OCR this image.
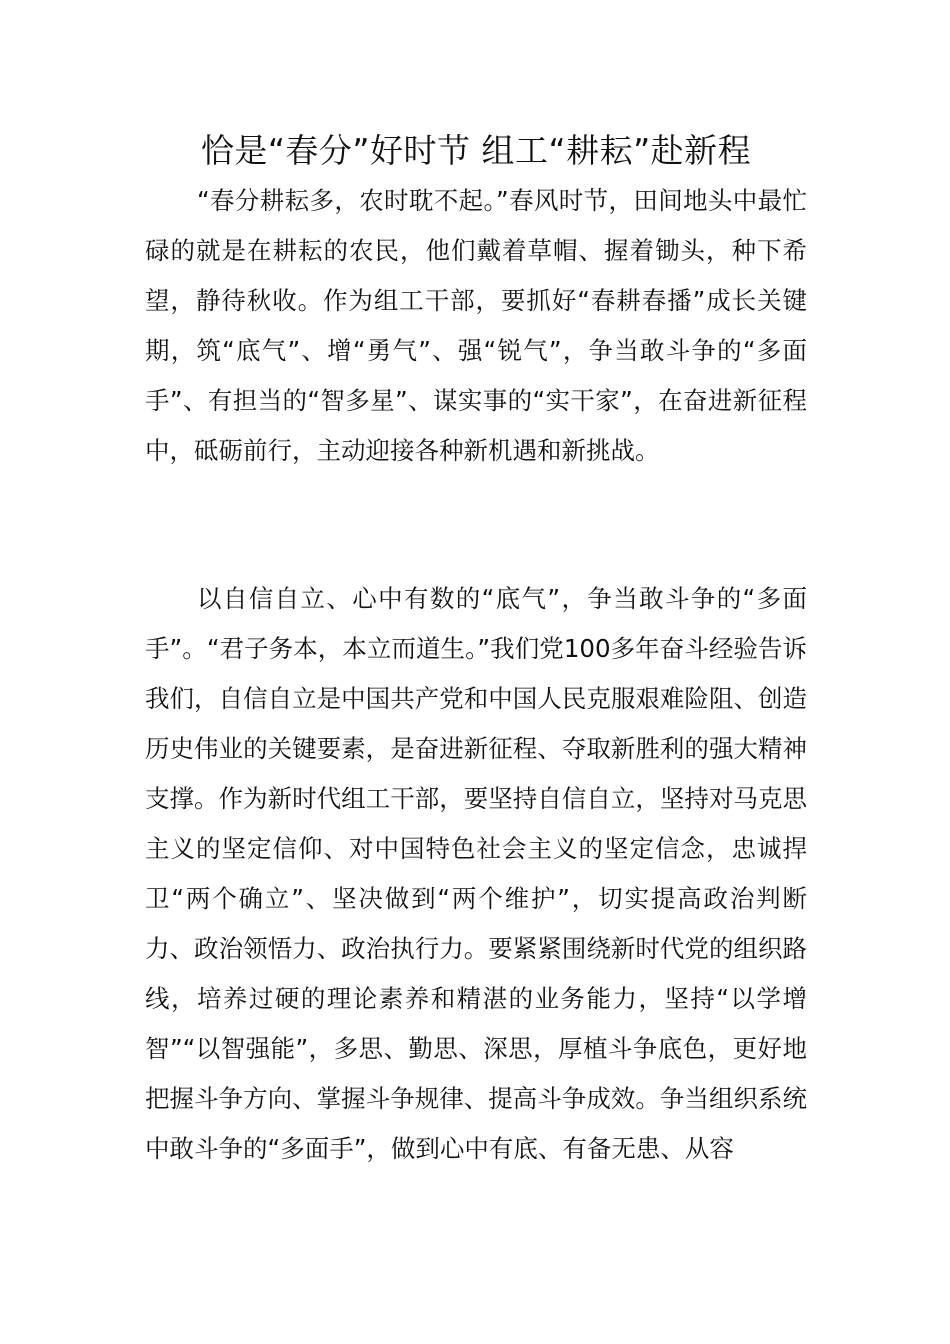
恰是“春分”好时节 组工“耕耘”赴新程

“春分耕耘多，农时耽不起。”春风时节，田间地头中最忙碌的就是在耕耘的农民，他们戴着草帽、握着锄头，种下希望，静待秋收。作为组工干部，要抓好“春耕春播”成长关键期，筑“底气”、增“勇气”、强“锐气”，争当敢斗争的“多面手”、有担当的“智多星”、谋实事的“实干家”，在奋进新征程中，砥砺前行，主动迎接各种新机遇和新挑战。

以自信自立、心中有数的“底气”，争当敢斗争的“多面手”。“君子务本，本立而道生。”我们党100多年奋斗经验告诉我们，自信自立是中国共产党和中国人民克服艰难险阻、创造历史伟业的关键要素，是奋进新征程、夺取新胜利的强大精神支撑。作为新时代组工干部，要坚持自信自立，坚持对马克思主义的坚定信仰、对中国特色社会主义的坚定信念，忠诚捍卫“两个确立”、坚决做到“两个维护”，切实提高政治判断力、政治领悟力、政治执行力。要紧紧围绕新时代党的组织路线，培养过硬的理论素养和精湛的业务能力，坚持“以学增智”“以智强能”，多思、勤思、深思，厚植斗争底色，更好地把握斗争方向、掌握斗争规律、提高斗争成效。争当组织系统中敢斗争的“多面手”，做到心中有底、有备无患、从容
